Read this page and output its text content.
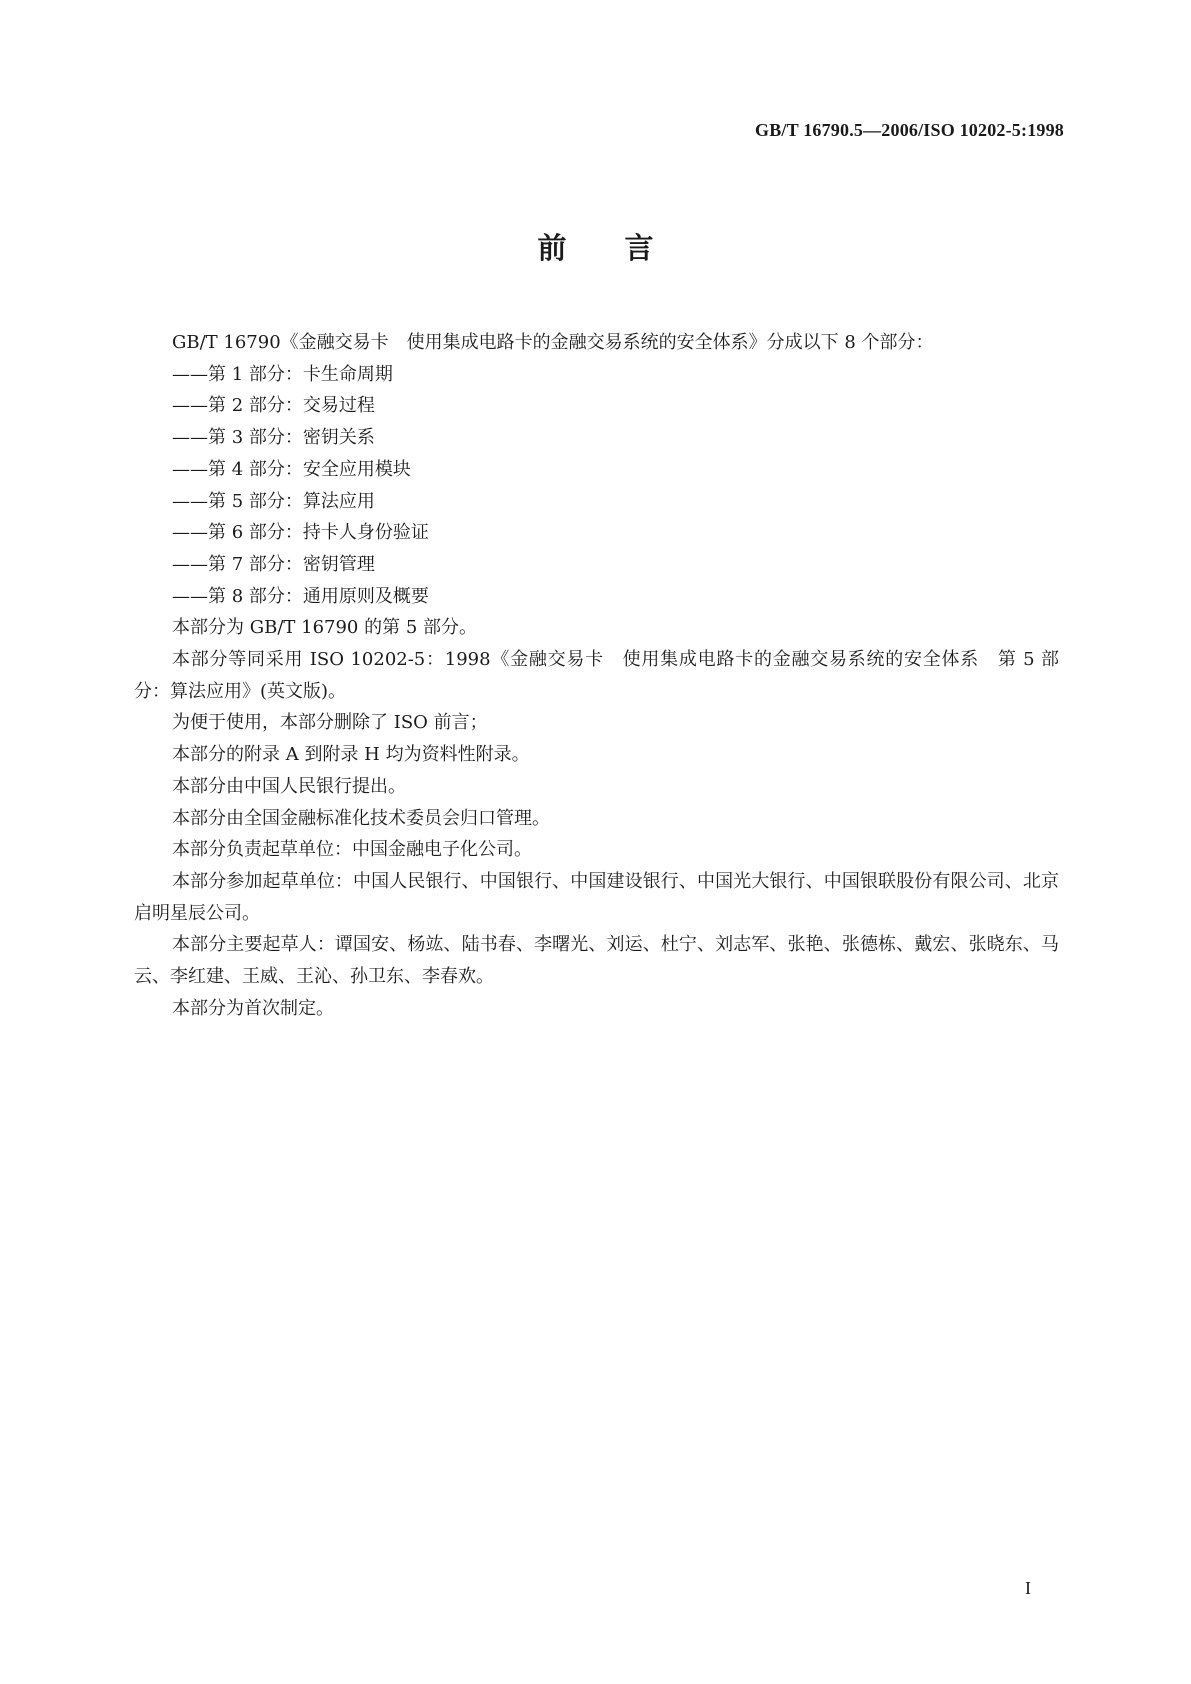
GB/T 16790.5—2006/ISO 10202-5:1998
前言

GB/T 16790《金融交易卡　使用集成电路卡的金融交易系统的安全体系》分成以下 8 个部分：

——第 1 部分：卡生命周期

——第 2 部分：交易过程

——第 3 部分：密钥关系

——第 4 部分：安全应用模块

——第 5 部分：算法应用

——第 6 部分：持卡人身份验证

——第 7 部分：密钥管理

——第 8 部分：通用原则及概要

本部分为 GB/T 16790 的第 5 部分。

本部分等同采用 ISO 10202-5：1998《金融交易卡　使用集成电路卡的金融交易系统的安全体系　第 5 部分：算法应用》(英文版)。

为便于使用，本部分删除了 ISO 前言；

本部分的附录 A 到附录 H 均为资料性附录。

本部分由中国人民银行提出。

本部分由全国金融标准化技术委员会归口管理。

本部分负责起草单位：中国金融电子化公司。

本部分参加起草单位：中国人民银行、中国银行、中国建设银行、中国光大银行、中国银联股份有限公司、北京启明星辰公司。

本部分主要起草人：谭国安、杨竑、陆书春、李曙光、刘运、杜宁、刘志军、张艳、张德栋、戴宏、张晓东、马云、李红建、王威、王沁、孙卫东、李春欢。

本部分为首次制定。

I
